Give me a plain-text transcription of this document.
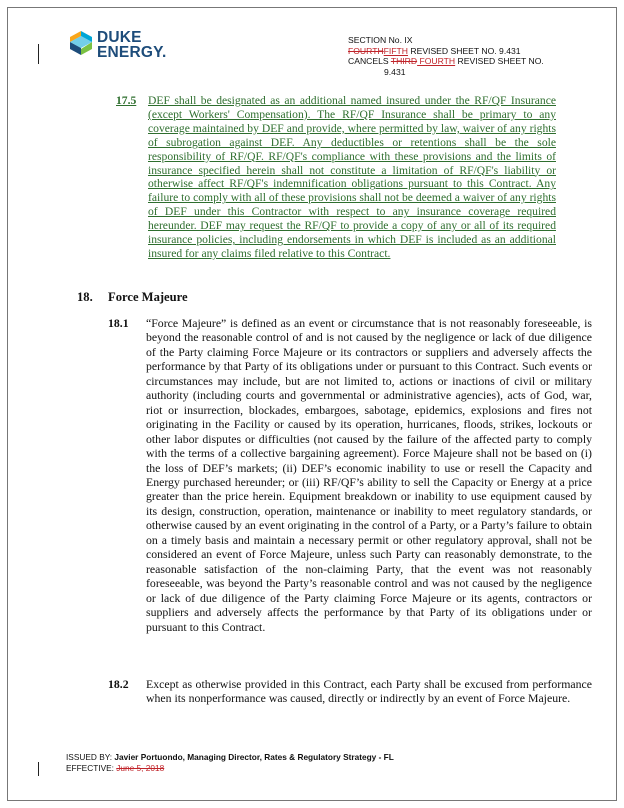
DUKE
ENERGY.
SECTION No. IX
FOURTHFIFTH REVISED SHEET NO. 9.431
CANCELS THIRD FOURTH REVISED SHEET NO.
9.431
17.5 DEF shall be designated as an additional named insured under the RF/QF Insurance (except Workers' Compensation). The RF/QF Insurance shall be primary to any coverage maintained by DEF and provide, where permitted by law, waiver of any rights of subrogation against DEF. Any deductibles or retentions shall be the sole responsibility of RF/QF. RF/QF's compliance with these provisions and the limits of insurance specified herein shall not constitute a limitation of RF/QF's liability or otherwise affect RF/QF's indemnification obligations pursuant to this Contract. Any failure to comply with all of these provisions shall not be deemed a waiver of any rights of DEF under this Contractor with respect to any insurance coverage required hereunder. DEF may request the RF/QF to provide a copy of any or all of its required insurance policies, including endorsements in which DEF is included as an additional insured for any claims filed relative to this Contract.
18. Force Majeure
18.1 “Force Majeure” is defined as an event or circumstance that is not reasonably foreseeable, is beyond the reasonable control of and is not caused by the negligence or lack of due diligence of the Party claiming Force Majeure or its contractors or suppliers and adversely affects the performance by that Party of its obligations under or pursuant to this Contract. Such events or circumstances may include, but are not limited to, actions or inactions of civil or military authority (including courts and governmental or administrative agencies), acts of God, war, riot or insurrection, blockades, embargoes, sabotage, epidemics, explosions and fires not originating in the Facility or caused by its operation, hurricanes, floods, strikes, lockouts or other labor disputes or difficulties (not caused by the failure of the affected party to comply with the terms of a collective bargaining agreement). Force Majeure shall not be based on (i) the loss of DEF’s markets; (ii) DEF’s economic inability to use or resell the Capacity and Energy purchased hereunder; or (iii) RF/QF’s ability to sell the Capacity or Energy at a price greater than the price herein. Equipment breakdown or inability to use equipment caused by its design, construction, operation, maintenance or inability to meet regulatory standards, or otherwise caused by an event originating in the control of a Party, or a Party’s failure to obtain on a timely basis and maintain a necessary permit or other regulatory approval, shall not be considered an event of Force Majeure, unless such Party can reasonably demonstrate, to the reasonable satisfaction of the non-claiming Party, that the event was not reasonably foreseeable, was beyond the Party’s reasonable control and was not caused by the negligence or lack of due diligence of the Party claiming Force Majeure or its agents, contractors or suppliers and adversely affects the performance by that Party of its obligations under or pursuant to this Contract.
18.2 Except as otherwise provided in this Contract, each Party shall be excused from performance when its nonperformance was caused, directly or indirectly by an event of Force Majeure.
ISSUED BY: Javier Portuondo, Managing Director, Rates & Regulatory Strategy - FL
EFFECTIVE: June 5, 2018
